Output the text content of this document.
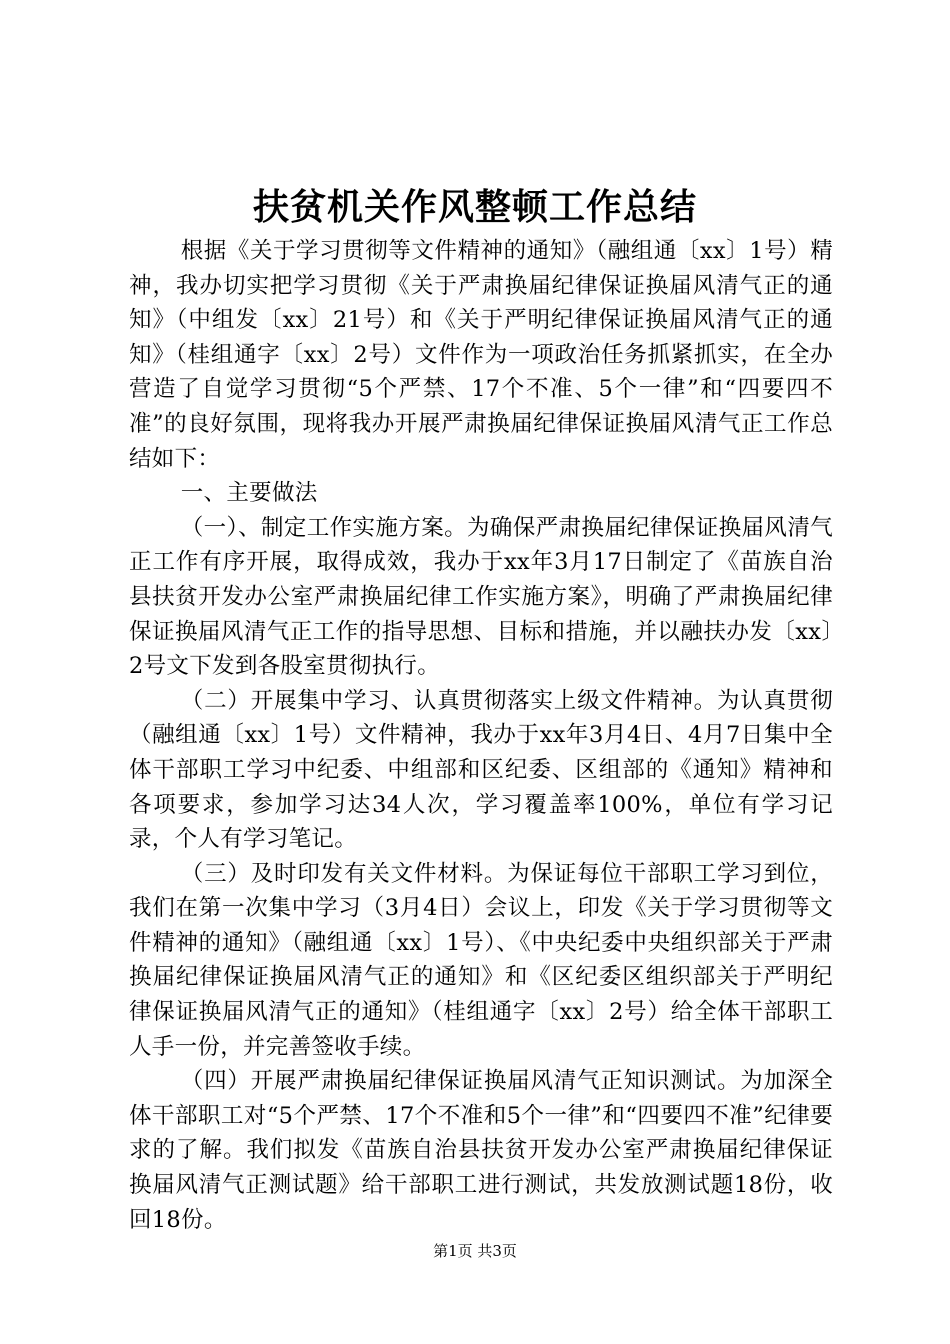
扶贫机关作风整顿工作总结

根据《关于学习贯彻等文件精神的通知》（融组通〔xx〕1号）精神，我办切实把学习贯彻《关于严肃换届纪律保证换届风清气正的通知》（中组发〔xx〕21号）和《关于严明纪律保证换届风清气正的通知》（桂组通字〔xx〕2号）文件作为一项政治任务抓紧抓实，在全办营造了自觉学习贯彻“5个严禁、17个不准、5个一律”和“四要四不准”的良好氛围，现将我办开展严肃换届纪律保证换届风清气正工作总结如下：

一、主要做法

（一）、制定工作实施方案。为确保严肃换届纪律保证换届风清气正工作有序开展，取得成效，我办于xx年3月17日制定了《苗族自治县扶贫开发办公室严肃换届纪律工作实施方案》，明确了严肃换届纪律保证换届风清气正工作的指导思想、目标和措施，并以融扶办发〔xx〕2号文下发到各股室贯彻执行。

（二）开展集中学习、认真贯彻落实上级文件精神。为认真贯彻（融组通〔xx〕1号）文件精神，我办于xx年3月4日、4月7日集中全体干部职工学习中纪委、中组部和区纪委、区组部的《通知》精神和各项要求，参加学习达34人次，学习覆盖率100%，单位有学习记录，个人有学习笔记。

（三）及时印发有关文件材料。为保证每位干部职工学习到位，我们在第一次集中学习（3月4日）会议上，印发《关于学习贯彻等文件精神的通知》（融组通〔xx〕1号）、《中央纪委中央组织部关于严肃换届纪律保证换届风清气正的通知》和《区纪委区组织部关于严明纪律保证换届风清气正的通知》（桂组通字〔xx〕2号）给全体干部职工人手一份，并完善签收手续。

（四）开展严肃换届纪律保证换届风清气正知识测试。为加深全体干部职工对“5个严禁、17个不准和5个一律”和“四要四不准”纪律要求的了解。我们拟发《苗族自治县扶贫开发办公室严肃换届纪律保证换届风清气正测试题》给干部职工进行测试，共发放测试题18份，收回18份。

第1页 共3页
